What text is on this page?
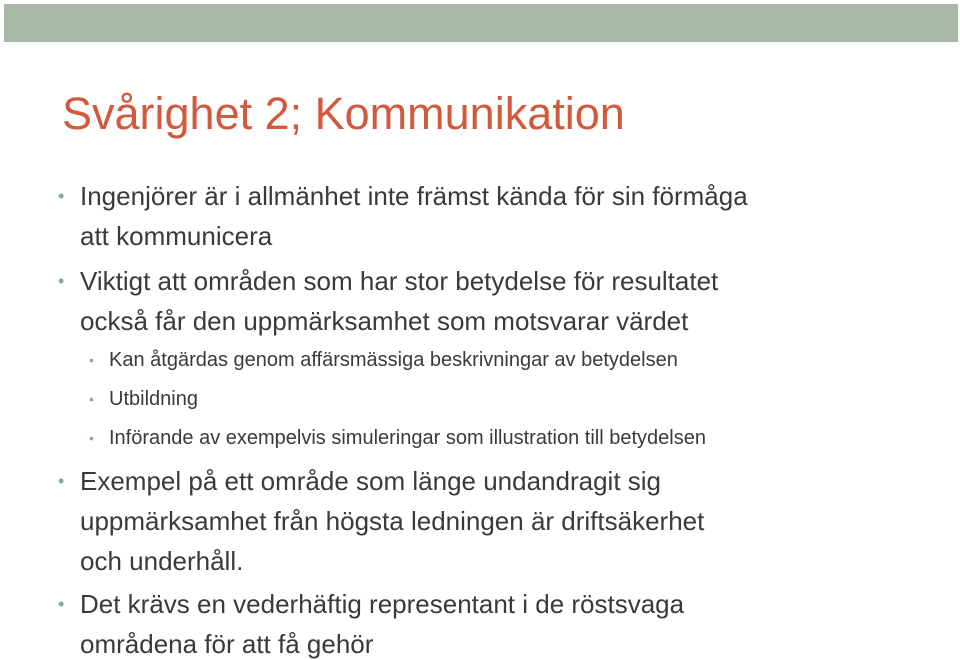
Svårighet 2; Kommunikation
• Ingenjörer är i allmänhet inte främst kända för sin förmåga
att kommunicera
• Viktigt att områden som har stor betydelse för resultatet
också får den uppmärksamhet som motsvarar värdet
• Kan åtgärdas genom affärsmässiga beskrivningar av betydelsen
• Utbildning
• Införande av exempelvis simuleringar som illustration till betydelsen
• Exempel på ett område som länge undandragit sig
uppmärksamhet från högsta ledningen är driftsäkerhet
och underhåll.
• Det krävs en vederhäftig representant i de röstsvaga
områdena för att få gehör
